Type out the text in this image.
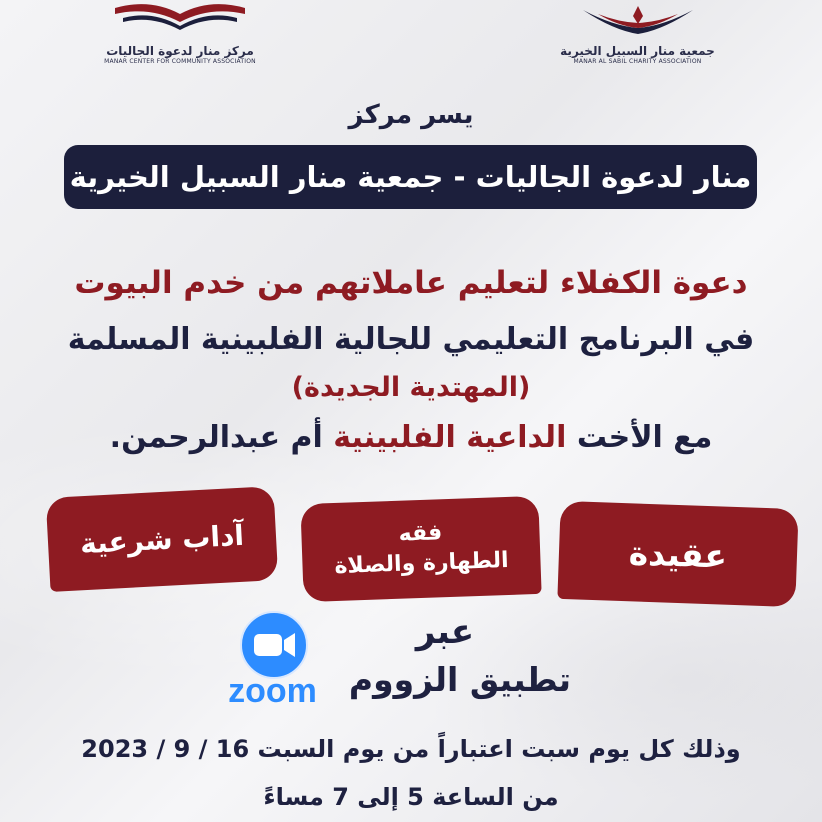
مركز منار لدعوة الجاليات
MANAR CENTER FOR COMMUNITY ASSOCIATION
جمعية منار السبيل الخيرية
MANAR AL SABIL CHARITY ASSOCIATION
يسر مركز
منار لدعوة الجاليات - جمعية منار السبيل الخيرية
دعوة الكفلاء لتعليم عاملاتهم من خدم البيوت
في البرنامج التعليمي للجالية الفلبينية المسلمة
(المهتدية الجديدة)
مع الأخت الداعية الفلبينية أم عبدالرحمن.
عقيدة
فقه
الطهارة والصلاة
آداب شرعية
عبر
تطبيق الزووم
zoom
وذلك كل يوم سبت اعتباراً من يوم السبت 16 / 9 / 2023
من الساعة 5 إلى 7 مساءً
